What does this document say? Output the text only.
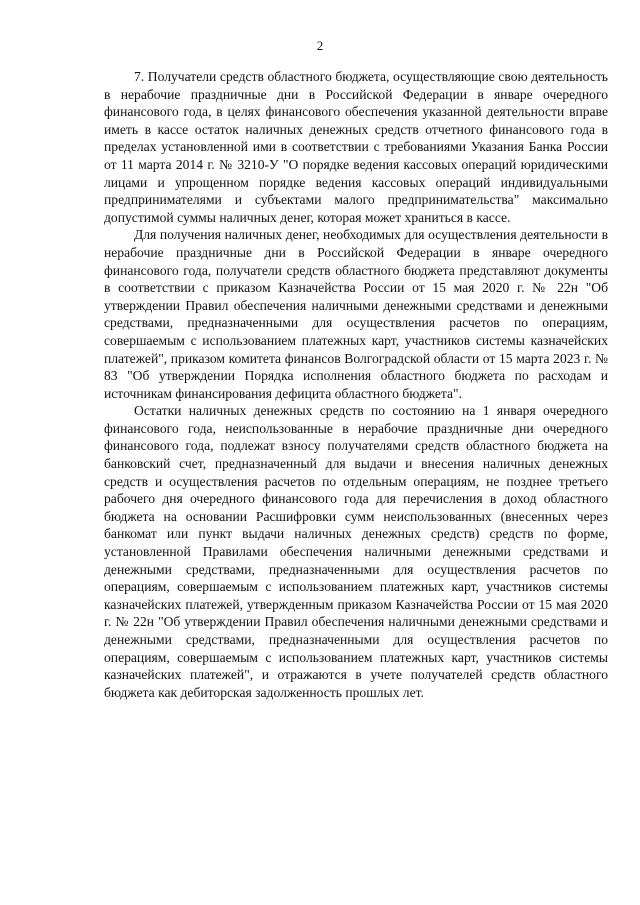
2

7. Получатели средств областного бюджета, осуществляющие свою деятельность в нерабочие праздничные дни в Российской Федерации в январе очередного финансового года, в целях финансового обеспечения указанной деятельности вправе иметь в кассе остаток наличных денежных средств отчетного финансового года в пределах установленной ими в соответствии с требованиями Указания Банка России от 11 марта 2014 г. № 3210-У "О порядке ведения кассовых операций юридическими лицами и упрощенном порядке ведения кассовых операций индивидуальными предпринимателями и субъектами малого предпринимательства" максимально допустимой суммы наличных денег, которая может храниться в кассе.

Для получения наличных денег, необходимых для осуществления деятельности в нерабочие праздничные дни в Российской Федерации в январе очередного финансового года, получатели средств областного бюджета представляют документы в соответствии с приказом Казначейства России от 15 мая 2020 г. № 22н "Об утверждении Правил обеспечения наличными денежными средствами и денежными средствами, предназначенными для осуществления расчетов по операциям, совершаемым с использованием платежных карт, участников системы казначейских платежей", приказом комитета финансов Волгоградской области от 15 марта 2023 г. № 83 "Об утверждении Порядка исполнения областного бюджета по расходам и источникам финансирования дефицита областного бюджета".

Остатки наличных денежных средств по состоянию на 1 января очередного финансового года, неиспользованные в нерабочие праздничные дни очередного финансового года, подлежат взносу получателями средств областного бюджета на банковский счет, предназначенный для выдачи и внесения наличных денежных средств и осуществления расчетов по отдельным операциям, не позднее третьего рабочего дня очередного финансового года для перечисления в доход областного бюджета на основании Расшифровки сумм неиспользованных (внесенных через банкомат или пункт выдачи наличных денежных средств) средств по форме, установленной Правилами обеспечения наличными денежными средствами и денежными средствами, предназначенными для осуществления расчетов по операциям, совершаемым с использованием платежных карт, участников системы казначейских платежей, утвержденным приказом Казначейства России от 15 мая 2020 г. № 22н "Об утверждении Правил обеспечения наличными денежными средствами и денежными средствами, предназначенными для осуществления расчетов по операциям, совершаемым с использованием платежных карт, участников системы казначейских платежей", и отражаются в учете получателей средств областного бюджета как дебиторская задолженность прошлых лет.
